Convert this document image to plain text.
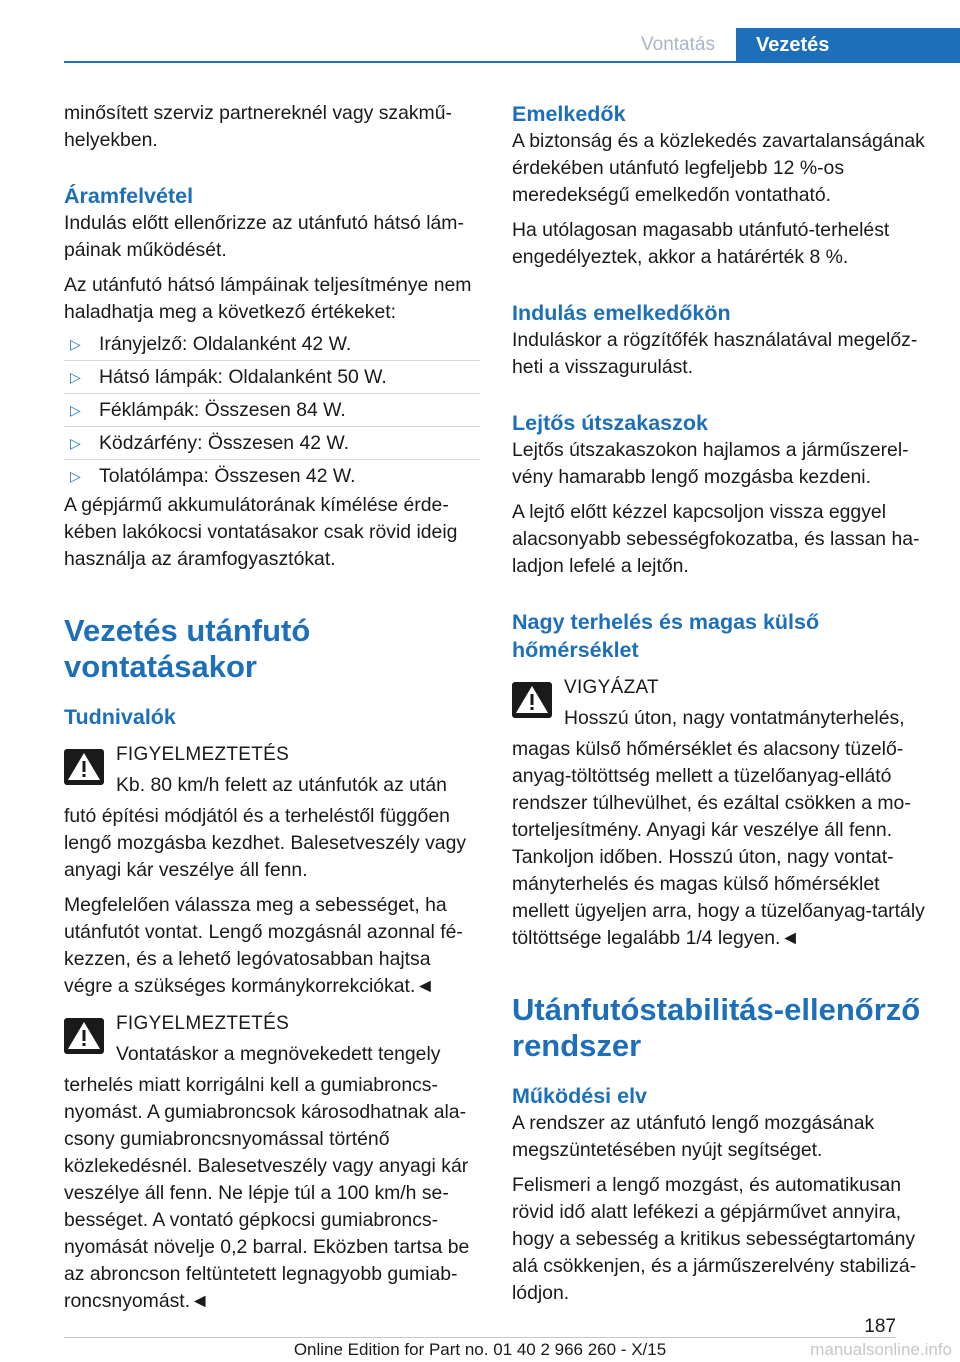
Vontatás	Vezetés

minősített szerviz partnereknél vagy szakműhelyekben.

Áramfelvétel

Indulás előtt ellenőrizze az utánfutó hátsó lámpáinak működését.

Az utánfutó hátsó lámpáinak teljesítménye nem haladhatja meg a következő értékeket:

▷ Irányjelző: Oldalanként 42 W.
▷ Hátsó lámpák: Oldalanként 50 W.
▷ Féklámpák: Összesen 84 W.
▷ Ködzárfény: Összesen 42 W.
▷ Tolatólámpa: Összesen 42 W.

A gépjármű akkumulátorának kímélése érdekében lakókocsi vontatásakor csak rövid ideig használja az áramfogyasztókat.

Vezetés utánfutó vontatásakor
Tudnivalók
FIGYELMEZTETÉS
Kb. 80 km/h felett az utánfutók az után

futó építési módjától és a terheléstől függően lengő mozgásba kezdhet. Balesetveszély vagy anyagi kár veszélye áll fenn.

Megfelelően válassza meg a sebességet, ha utánfutót vontat. Lengő mozgásnál azonnal fékezzen, és a lehető legóvatosabban hajtsa végre a szükséges kormánykorrekciókat.◄

FIGYELMEZTETÉS
Vontatáskor a megnövekedett tengely

terhelés miatt korrigálni kell a gumiabroncsnyomást. A gumiabroncsok károsodhatnak alacsony gumiabroncsnyomással történő közlekedésnél. Balesetveszély vagy anyagi kár veszélye áll fenn. Ne lépje túl a 100 km/h sebességet. A vontató gépkocsi gumiabroncsnyomását növelje 0,2 barral. Eközben tartsa be az abroncson feltüntetett legnagyobb gumiabroncsnyomást.◄

Emelkedők

A biztonság és a közlekedés zavartalanságának érdekében utánfutó legfeljebb 12 %-os meredekségű emelkedőn vontatható.

Ha utólagosan magasabb utánfutó-terhelést engedélyeztek, akkor a határérték 8 %.

Indulás emelkedőkön

Induláskor a rögzítőfék használatával megelőzheti a visszagurulást.

Lejtős útszakaszok

Lejtős útszakaszokon hajlamos a járműszerelvény hamarabb lengő mozgásba kezdeni.

A lejtő előtt kézzel kapcsoljon vissza eggyel alacsonyabb sebességfokozatba, és lassan haladjon lefelé a lejtőn.

Nagy terhelés és magas külső hőmérséklet
VIGYÁZAT
Hosszú úton, nagy vontatmányterhelés,

magas külső hőmérséklet és alacsony tüzelőanyag-töltöttség mellett a tüzelőanyag-ellátó rendszer túlhevülhet, és ezáltal csökken a motorteljesítmény. Anyagi kár veszélye áll fenn. Tankoljon időben. Hosszú úton, nagy vontatmányterhelés és magas külső hőmérséklet mellett ügyeljen arra, hogy a tüzelőanyag-tartály töltöttsége legalább 1/4 legyen.◄

Utánfutóstabilitás-ellenőrző rendszer
Működési elv

A rendszer az utánfutó lengő mozgásának megszüntetésében nyújt segítséget.

Felismeri a lengő mozgást, és automatikusan rövid idő alatt lefékezi a gépjárművet annyira, hogy a sebesség a kritikus sebességtartomány alá csökkenjen, és a járműszerelvény stabilizálódjon.

187
Online Edition for Part no. 01 40 2 966 260 - X/15	manualsonline.info
